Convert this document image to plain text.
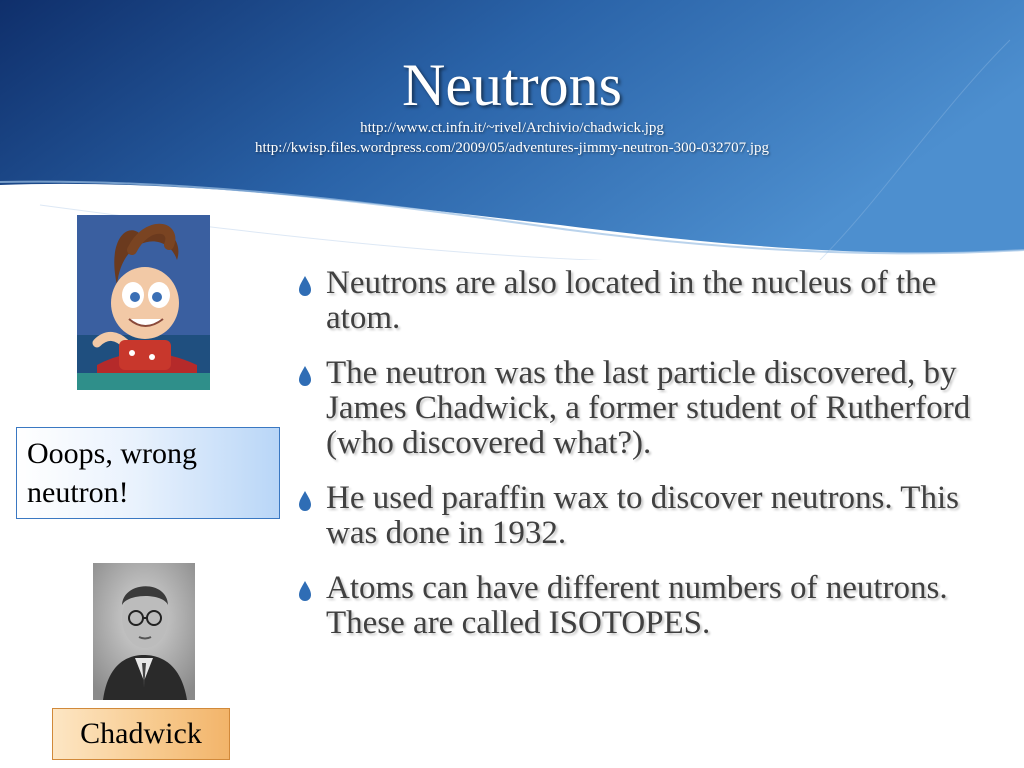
Neutrons
http://www.ct.infn.it/~rivel/Archivio/chadwick.jpg
http://kwisp.files.wordpress.com/2009/05/adventures-jimmy-neutron-300-032707.jpg
Ooops, wrong neutron!
Chadwick
Neutrons are also located in the nucleus of the atom.
The neutron was the last particle discovered, by James Chadwick, a former student of Rutherford (who discovered what?).
He used paraffin wax to discover neutrons. This was done in 1932.
Atoms can have different numbers of neutrons. These are called ISOTOPES.
